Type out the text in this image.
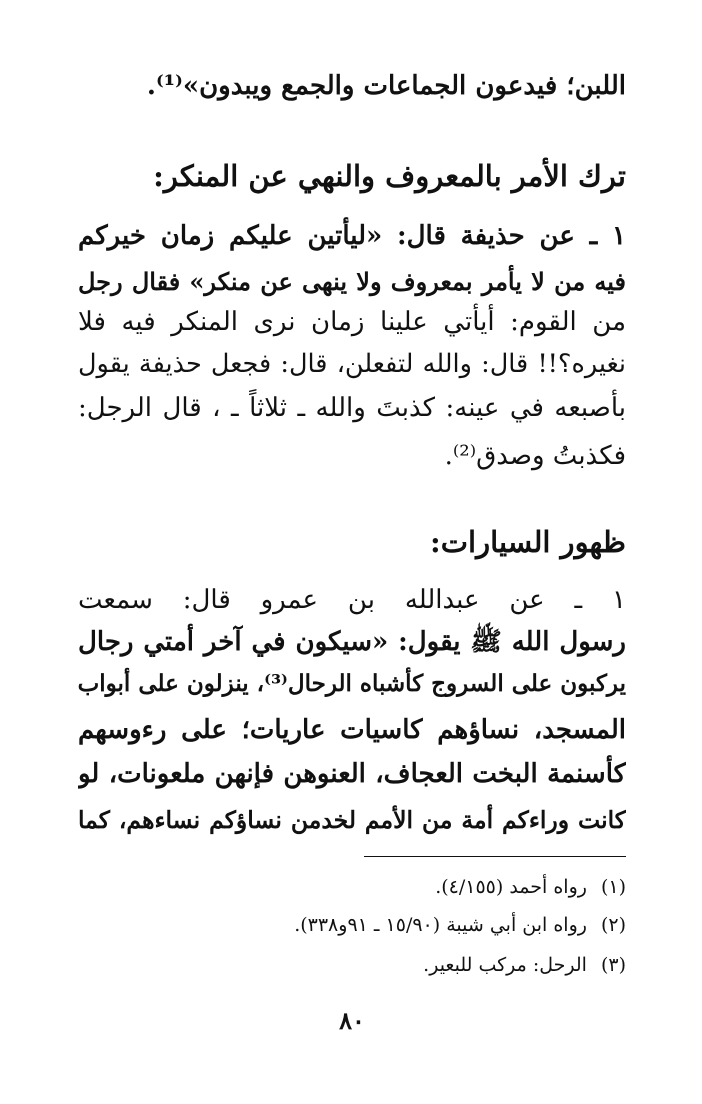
اللبن؛ فيدعون الجماعات والجمع ويبدون»⁽¹⁾.
ترك الأمر بالمعروف والنهي عن المنكر:
١ ـ عن حذيفة قال: «ليأتين عليكم زمان خيركم
فيه من لا يأمر بمعروف ولا ينهى عن منكر» فقال رجل
من القوم: أيأتي علينا زمان نرى المنكر فيه فلا
نغيره؟!! قال: والله لتفعلن، قال: فجعل حذيفة يقول
بأصبعه في عينه: كذبتَ والله ـ ثلاثاً ـ ، قال الرجل:
فكذبتُ وصدق⁽²⁾.
ظهور السيارات:
١ ـ عن عبدالله بن عمرو قال: سمعت
رسول الله ﷺ يقول: «سيكون في آخر أمتي رجال
يركبون على السروج كأشباه الرحال⁽³⁾، ينزلون على أبواب
المسجد، نساؤهم كاسيات عاريات؛ على رءوسهم
كأسنمة البخت العجاف، العنوهن فإنهن ملعونات، لو
كانت وراءكم أمة من الأمم لخدمن نساؤكم نساءهم، كما
(١)رواه أحمد (٤/١٥٥).
(٢)رواه ابن أبي شيبة (١٥/٩٠ ـ ٩١و٣٣٨).
(٣)الرحل: مركب للبعير.
٨٠
